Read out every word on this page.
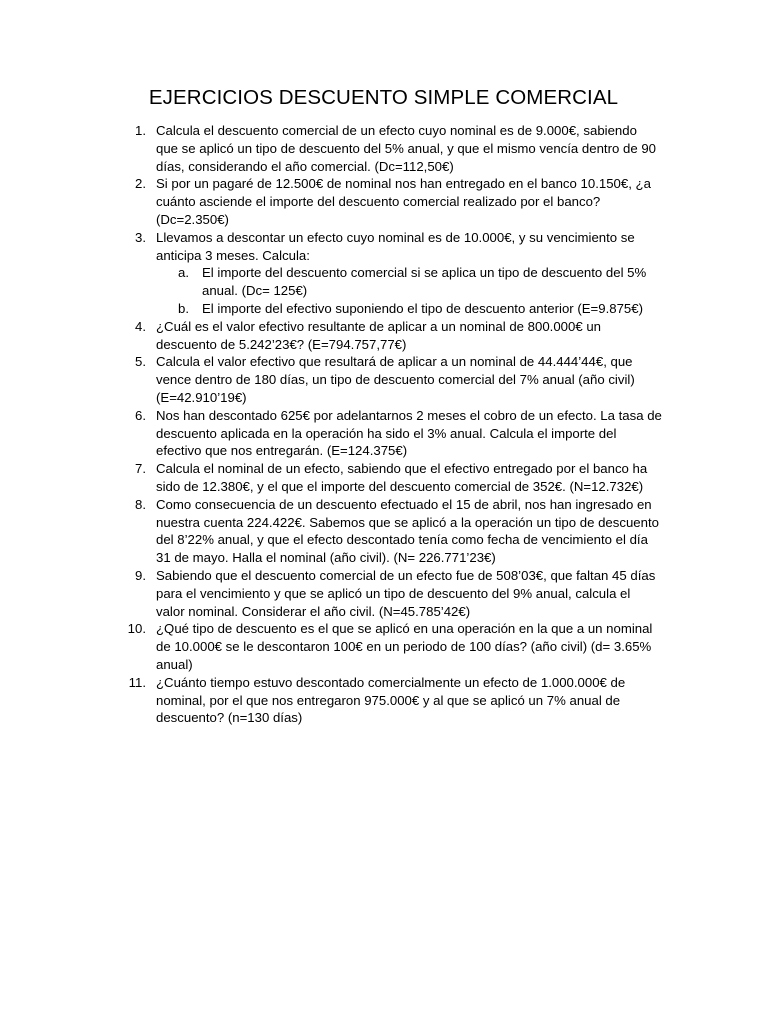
EJERCICIOS DESCUENTO SIMPLE COMERCIAL
1. Calcula el descuento comercial de un efecto cuyo nominal es de 9.000€, sabiendo que se aplicó un tipo de descuento del 5% anual, y que el mismo vencía dentro de 90 días, considerando el año comercial. (Dc=112,50€)
2. Si por un pagaré de 12.500€ de nominal nos han entregado en el banco 10.150€, ¿a cuánto asciende el importe del descuento comercial realizado por el banco? (Dc=2.350€)
3. Llevamos a descontar un efecto cuyo nominal es de 10.000€, y su vencimiento se anticipa 3 meses. Calcula:
a. El importe del descuento comercial si se aplica un tipo de descuento del 5% anual. (Dc= 125€)
b. El importe del efectivo suponiendo el tipo de descuento anterior (E=9.875€)
4. ¿Cuál es el valor efectivo resultante de aplicar a un nominal de 800.000€ un descuento de 5.242’23€? (E=794.757,77€)
5. Calcula el valor efectivo que resultará de aplicar a un nominal de 44.444’44€, que vence dentro de 180 días, un tipo de descuento comercial del 7% anual (año civil) (E=42.910’19€)
6. Nos han descontado 625€ por adelantarnos 2 meses el cobro de un efecto. La tasa de descuento aplicada en la operación ha sido el 3% anual. Calcula el importe del efectivo que nos entregarán. (E=124.375€)
7. Calcula el nominal de un efecto, sabiendo que el efectivo entregado por el banco ha sido de 12.380€, y el que el importe del descuento comercial de 352€. (N=12.732€)
8. Como consecuencia de un descuento efectuado el 15 de abril, nos han ingresado en nuestra cuenta 224.422€. Sabemos que se aplicó a la operación un tipo de descuento del 8’22% anual, y que el efecto descontado tenía como fecha de vencimiento el día 31 de mayo. Halla el nominal (año civil). (N= 226.771’23€)
9. Sabiendo que el descuento comercial de un efecto fue de 508’03€, que faltan 45 días para el vencimiento y que se aplicó un tipo de descuento del 9% anual, calcula el valor nominal. Considerar el año civil. (N=45.785’42€)
10. ¿Qué tipo de descuento es el que se aplicó en una operación en la que a un nominal de 10.000€ se le descontaron 100€ en un periodo de 100 días? (año civil) (d= 3.65% anual)
11. ¿Cuánto tiempo estuvo descontado comercialmente un efecto de 1.000.000€ de nominal, por el que nos entregaron 975.000€ y al que se aplicó un 7% anual de descuento? (n=130 días)
